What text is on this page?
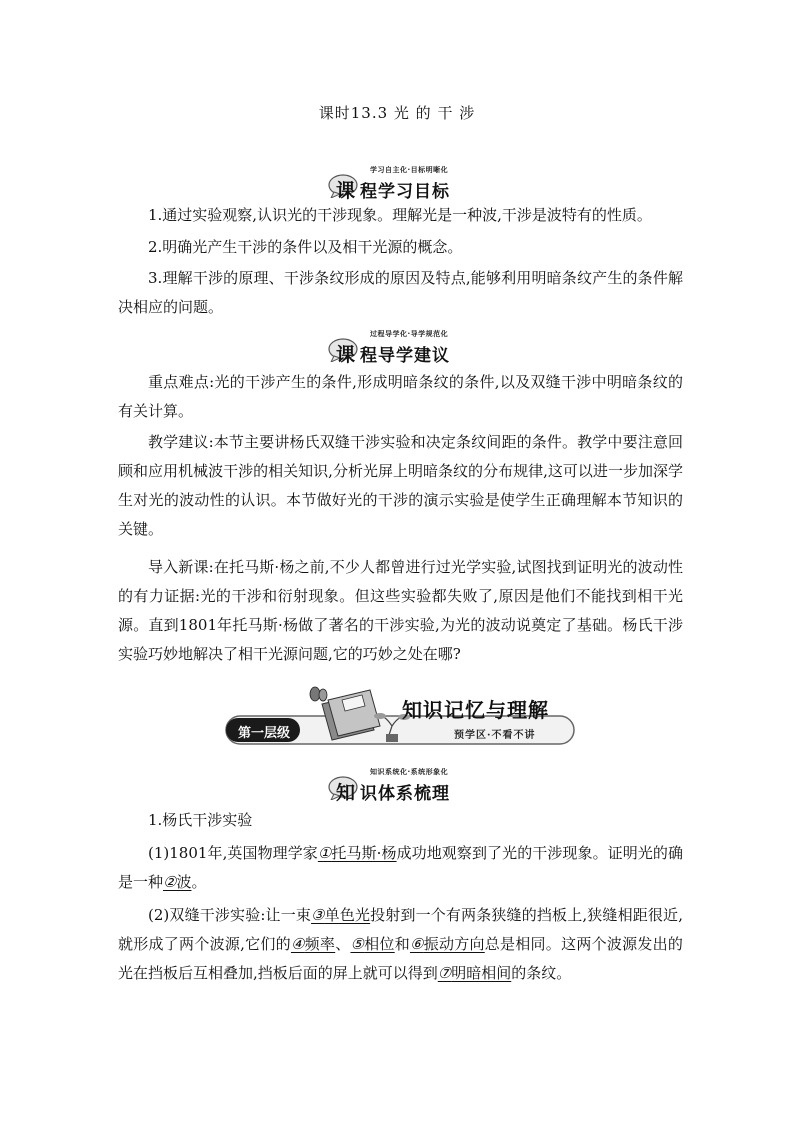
课时13.3 光 的 干 涉
学习自主化·目标明晰化
课 程学习目标

1.通过实验观察,认识光的干涉现象。理解光是一种波,干涉是波特有的性质。

2.明确光产生干涉的条件以及相干光源的概念。

3.理解干涉的原理、干涉条纹形成的原因及特点,能够利用明暗条纹产生的条件解决相应的问题。

过程导学化·导学规范化
课 程导学建议

重点难点:光的干涉产生的条件,形成明暗条纹的条件,以及双缝干涉中明暗条纹的有关计算。

教学建议:本节主要讲杨氏双缝干涉实验和决定条纹间距的条件。教学中要注意回顾和应用机械波干涉的相关知识,分析光屏上明暗条纹的分布规律,这可以进一步加深学生对光的波动性的认识。本节做好光的干涉的演示实验是使学生正确理解本节知识的关键。

导入新课:在托马斯·杨之前,不少人都曾进行过光学实验,试图找到证明光的波动性的有力证据:光的干涉和衍射现象。但这些实验都失败了,原因是他们不能找到相干光源。直到1801年托马斯·杨做了著名的干涉实验,为光的波动说奠定了基础。杨氏干涉实验巧妙地解决了相干光源问题,它的巧妙之处在哪?

第一层级
知识记忆与理解
预学区·不看不讲
知识系统化·系统形象化
知 识体系梳理

1.杨氏干涉实验

(1)1801年,英国物理学家①托马斯·杨成功地观察到了光的干涉现象。证明光的确是一种②波。

(2)双缝干涉实验:让一束③单色光投射到一个有两条狭缝的挡板上,狭缝相距很近,就形成了两个波源,它们的④频率、⑤相位和⑥振动方向总是相同。这两个波源发出的光在挡板后互相叠加,挡板后面的屏上就可以得到⑦明暗相间的条纹。
